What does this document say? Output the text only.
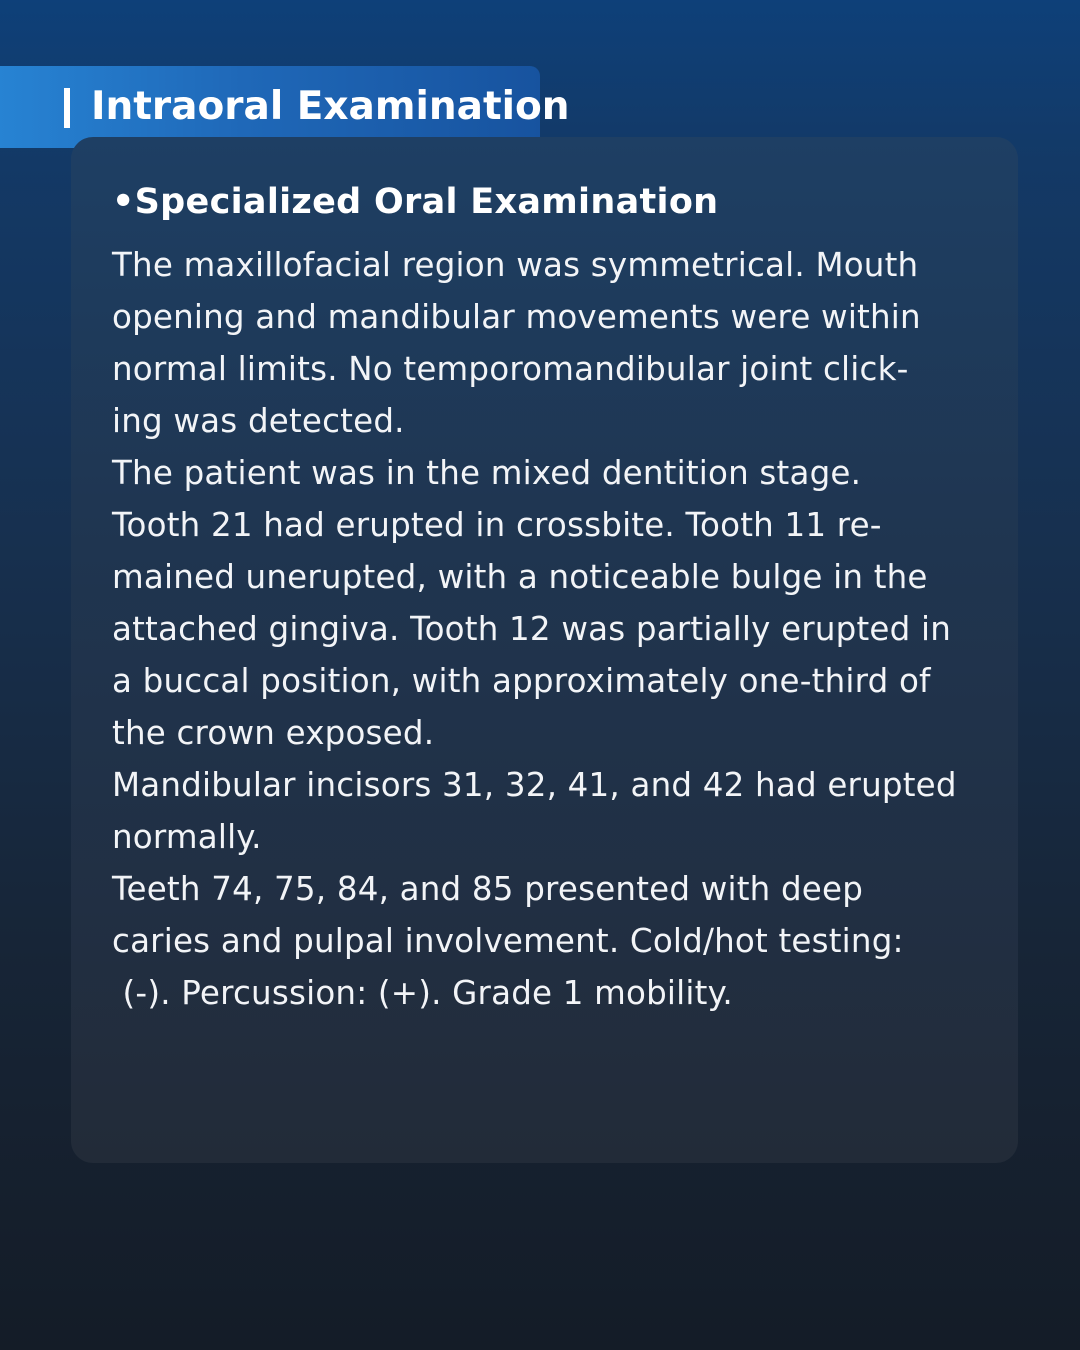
Intraoral Examination
•Specialized Oral Examination
The maxillofacial region was symmetrical. Mouth
opening and mandibular movements were within
normal limits. No temporomandibular joint click-
ing was detected.
The patient was in the mixed dentition stage.
Tooth 21 had erupted in crossbite. Tooth 11 re-
mained unerupted, with a noticeable bulge in the
attached gingiva. Tooth 12 was partially erupted in
a buccal position, with approximately one-third of
the crown exposed.
Mandibular incisors 31, 32, 41, and 42 had erupted
normally.
Teeth 74, 75, 84, and 85 presented with deep
caries and pulpal involvement. Cold/hot testing:
(-). Percussion: (+). Grade 1 mobility.
